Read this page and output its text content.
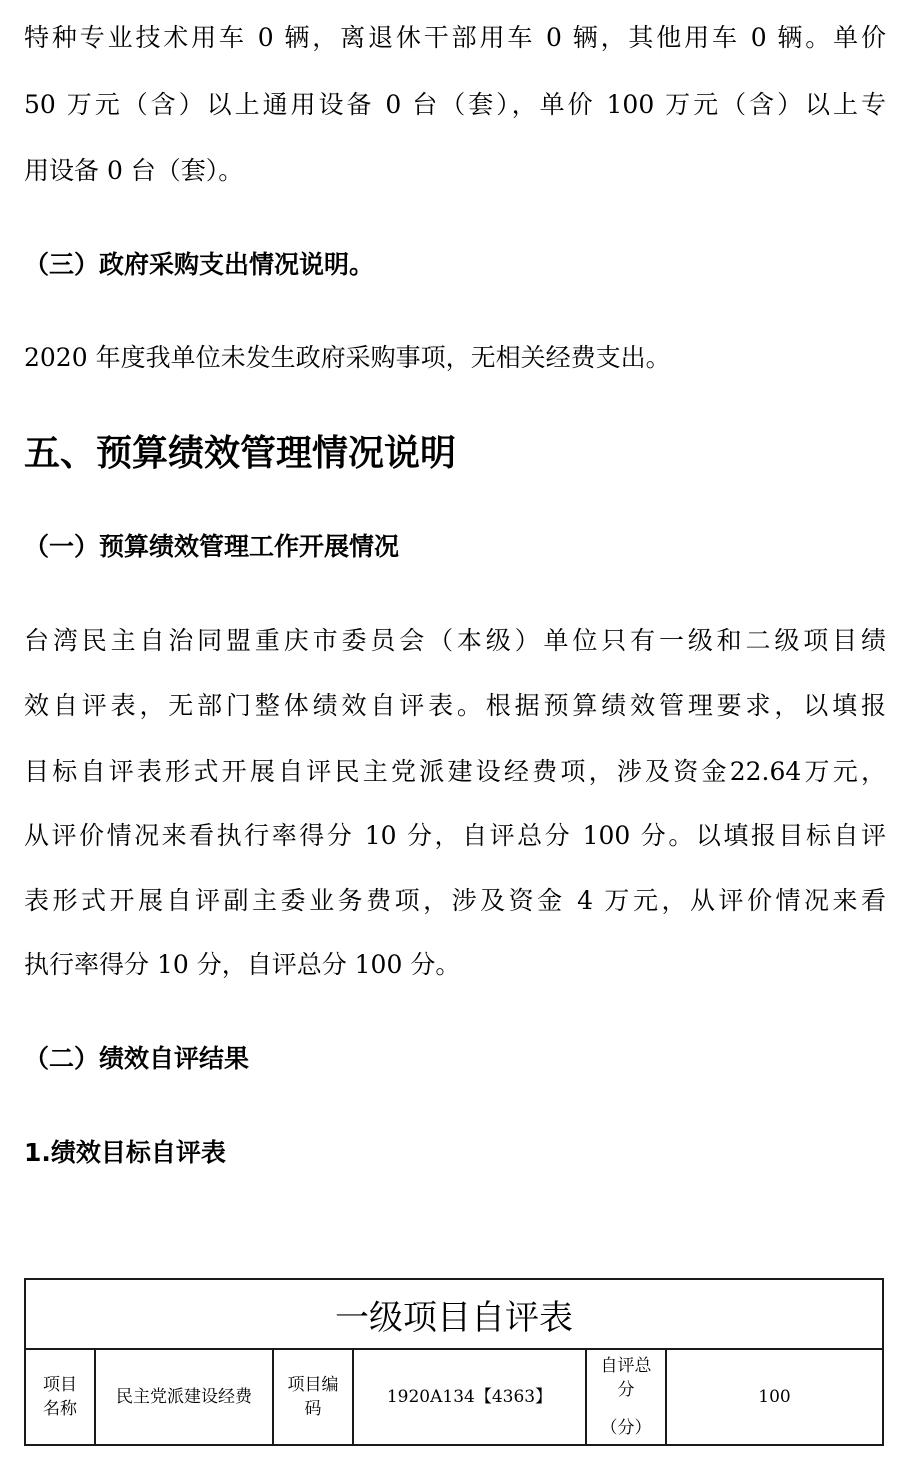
特种专业技术用车 0 辆，离退休干部用车 0 辆，其他用车 0 辆。单价
50 万元（含）以上通用设备 0 台（套），单价 100 万元（含）以上专
用设备 0 台（套）。
（三）政府采购支出情况说明。
2020 年度我单位未发生政府采购事项，无相关经费支出。
五、预算绩效管理情况说明
（一）预算绩效管理工作开展情况
台湾民主自治同盟重庆市委员会（本级）单位只有一级和二级项目绩
效自评表，无部门整体绩效自评表。根据预算绩效管理要求，以填报
目标自评表形式开展自评民主党派建设经费项，涉及资金22.64万元，
从评价情况来看执行率得分 10 分，自评总分 100 分。以填报目标自评
表形式开展自评副主委业务费项，涉及资金 4 万元，从评价情况来看
执行率得分 10 分，自评总分 100 分。
（二）绩效自评结果
1.绩效目标自评表
一级项目自评表
项目名称
民主党派建设经费
项目编码
1920A134【4363】
自评总分
（分）
100
